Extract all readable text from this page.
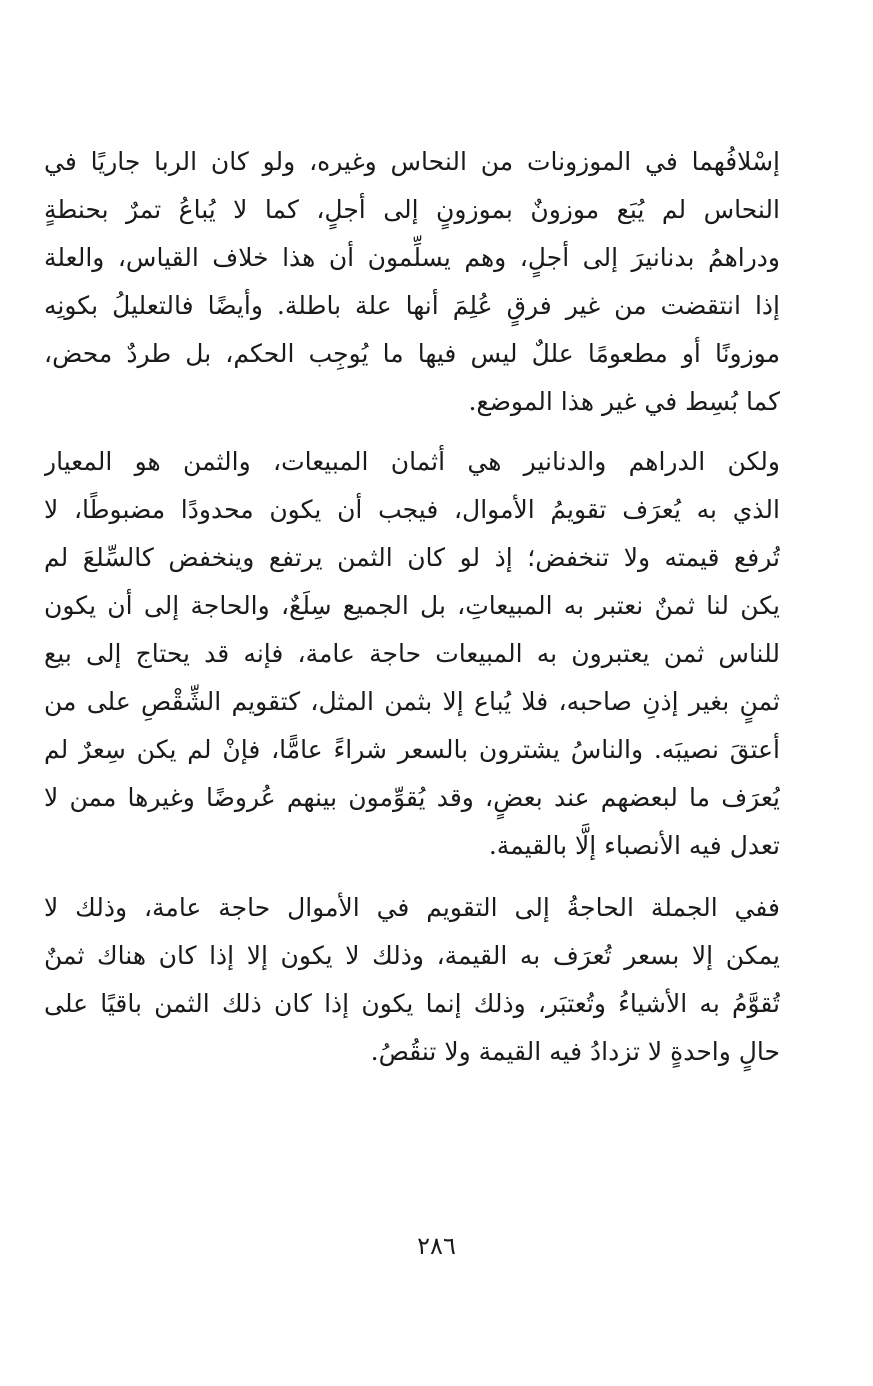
إسْلافُهما في الموزونات من النحاس وغيره، ولو كان الربا جاريًا في
النحاس لم يُبَع موزونٌ بموزونٍ إلى أجلٍ، كما لا يُباعُ تمرٌ بحنطةٍ
ودراهمُ بدنانيرَ إلى أجلٍ، وهم يسلِّمون أن هذا خلاف القياس، والعلة
إذا انتقضت من غير فرقٍ عُلِمَ أنها علة باطلة. وأيضًا فالتعليلُ بكونِه
موزونًا أو مطعومًا عللٌ ليس فيها ما يُوجِب الحكم، بل طردٌ محض،
كما بُسِط في غير هذا الموضع.
ولكن الدراهم والدنانير هي أثمان المبيعات، والثمن هو المعيار
الذي به يُعرَف تقويمُ الأموال، فيجب أن يكون محدودًا مضبوطًا، لا
تُرفع قيمته ولا تنخفض؛ إذ لو كان الثمن يرتفع وينخفض كالسِّلعَ لم
يكن لنا ثمنٌ نعتبر به المبيعاتِ، بل الجميع سِلَعٌ، والحاجة إلى أن يكون
للناس ثمن يعتبرون به المبيعات حاجة عامة، فإنه قد يحتاج إلى بيع
ثمنٍ بغير إذنِ صاحبه، فلا يُباع إلا بثمن المثل، كتقويم الشِّقْصِ على من
أعتقَ نصيبَه. والناسُ يشترون بالسعر شراءً عامًّا، فإنْ لم يكن سِعرٌ لم
يُعرَف ما لبعضهم عند بعضٍ، وقد يُقوِّمون بينهم عُروضًا وغيرها ممن لا
تعدل فيه الأنصباء إلَّا بالقيمة.
ففي الجملة الحاجةُ إلى التقويم في الأموال حاجة عامة، وذلك لا
يمكن إلا بسعر تُعرَف به القيمة، وذلك لا يكون إلا إذا كان هناك ثمنٌ
تُقوَّمُ به الأشياءُ وتُعتبَر، وذلك إنما يكون إذا كان ذلك الثمن باقيًا على
حالٍ واحدةٍ لا تزدادُ فيه القيمة ولا تنقُصُ.
٢٨٦
